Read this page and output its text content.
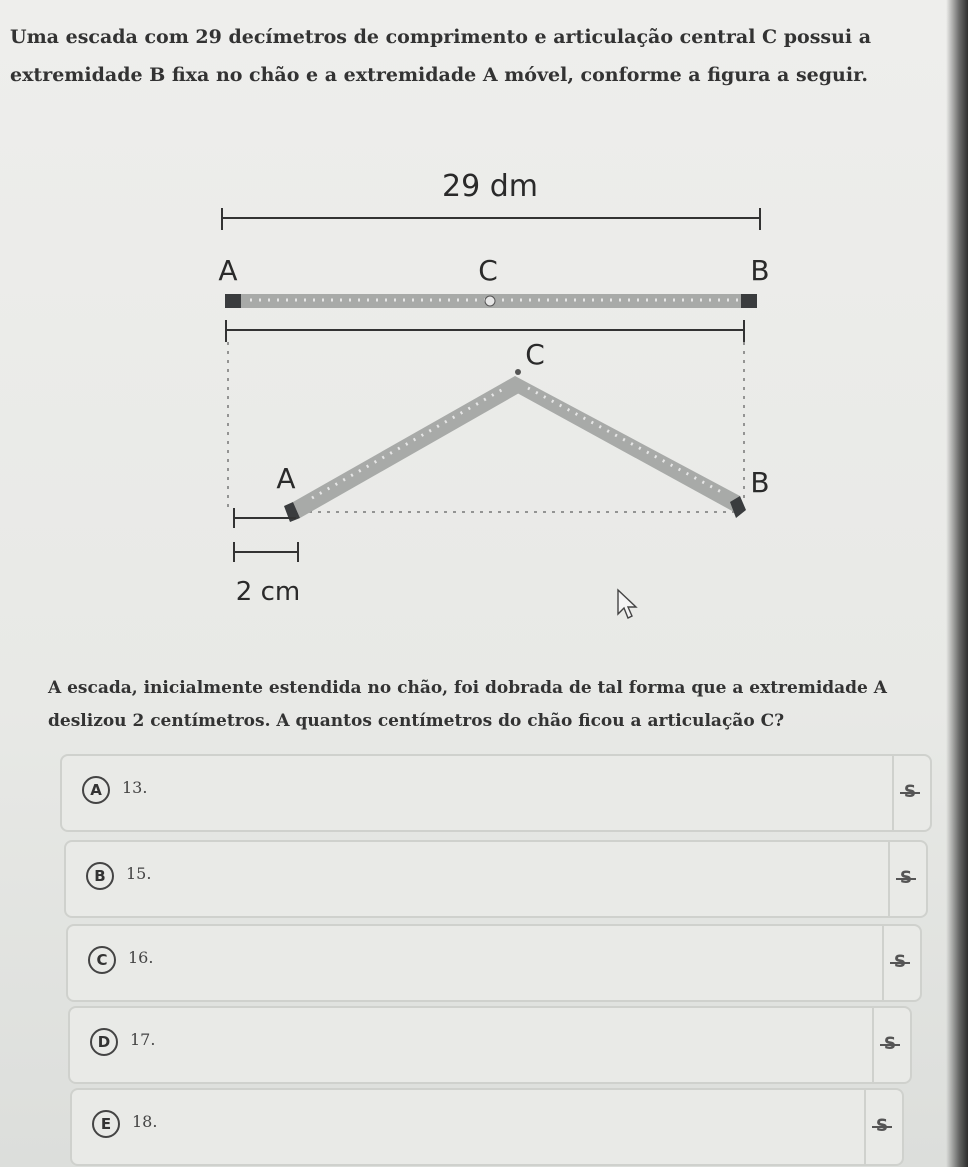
Uma escada com 29 decímetros de comprimento e articulação central C possui a extremidade B fixa no chão e a extremidade A móvel, conforme a figura a seguir.
29 dm
A	C	B
C
A	B
2 cm
A escada, inicialmente estendida no chão, foi dobrada de tal forma que a extremidade A deslizou 2 centímetros. A quantos centímetros do chão ficou a articulação C?
A	13.	S
B	15.	S
C	16.	S
D	17.	S
E	18.	S
